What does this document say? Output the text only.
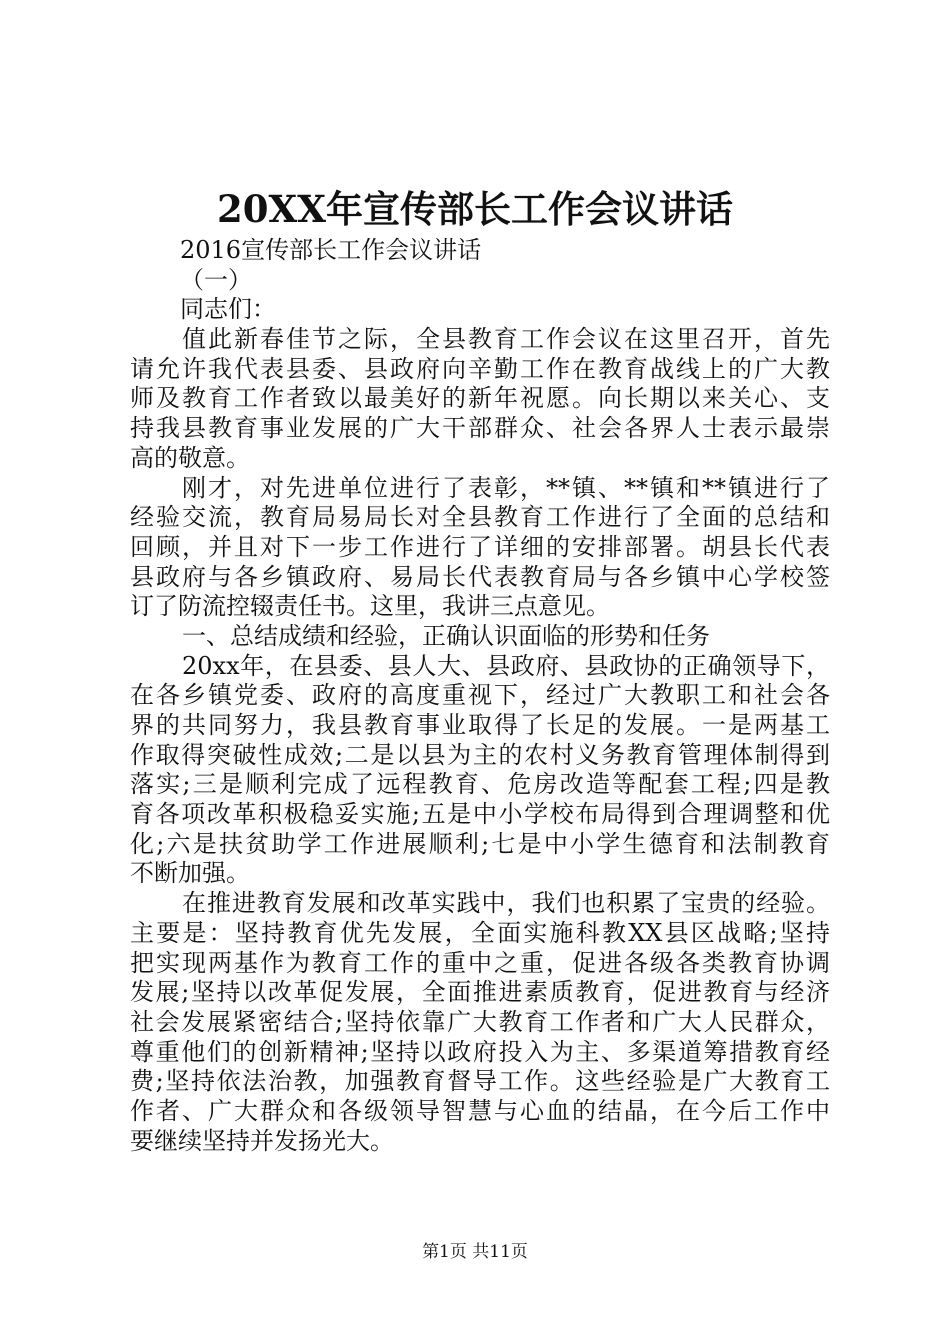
20XX年宣传部长工作会议讲话
2016宣传部长工作会议讲话
（一）
同志们：
值此新春佳节之际，全县教育工作会议在这里召开，首先
请允许我代表县委、县政府向辛勤工作在教育战线上的广大教
师及教育工作者致以最美好的新年祝愿。向长期以来关心、支
持我县教育事业发展的广大干部群众、社会各界人士表示最崇
高的敬意。
刚才，对先进单位进行了表彰，**镇、**镇和**镇进行了
经验交流，教育局易局长对全县教育工作进行了全面的总结和
回顾，并且对下一步工作进行了详细的安排部署。胡县长代表
县政府与各乡镇政府、易局长代表教育局与各乡镇中心学校签
订了防流控辍责任书。这里，我讲三点意见。
一、总结成绩和经验，正确认识面临的形势和任务
20xx年，在县委、县人大、县政府、县政协的正确领导下，
在各乡镇党委、政府的高度重视下，经过广大教职工和社会各
界的共同努力，我县教育事业取得了长足的发展。一是两基工
作取得突破性成效;二是以县为主的农村义务教育管理体制得到
落实;三是顺利完成了远程教育、危房改造等配套工程;四是教
育各项改革积极稳妥实施;五是中小学校布局得到合理调整和优
化;六是扶贫助学工作进展顺利;七是中小学生德育和法制教育
不断加强。
在推进教育发展和改革实践中，我们也积累了宝贵的经验。
主要是：坚持教育优先发展，全面实施科教XX县区战略;坚持
把实现两基作为教育工作的重中之重，促进各级各类教育协调
发展;坚持以改革促发展，全面推进素质教育，促进教育与经济
社会发展紧密结合;坚持依靠广大教育工作者和广大人民群众，
尊重他们的创新精神;坚持以政府投入为主、多渠道筹措教育经
费;坚持依法治教，加强教育督导工作。这些经验是广大教育工
作者、广大群众和各级领导智慧与心血的结晶，在今后工作中
要继续坚持并发扬光大。
第1页 共11页
